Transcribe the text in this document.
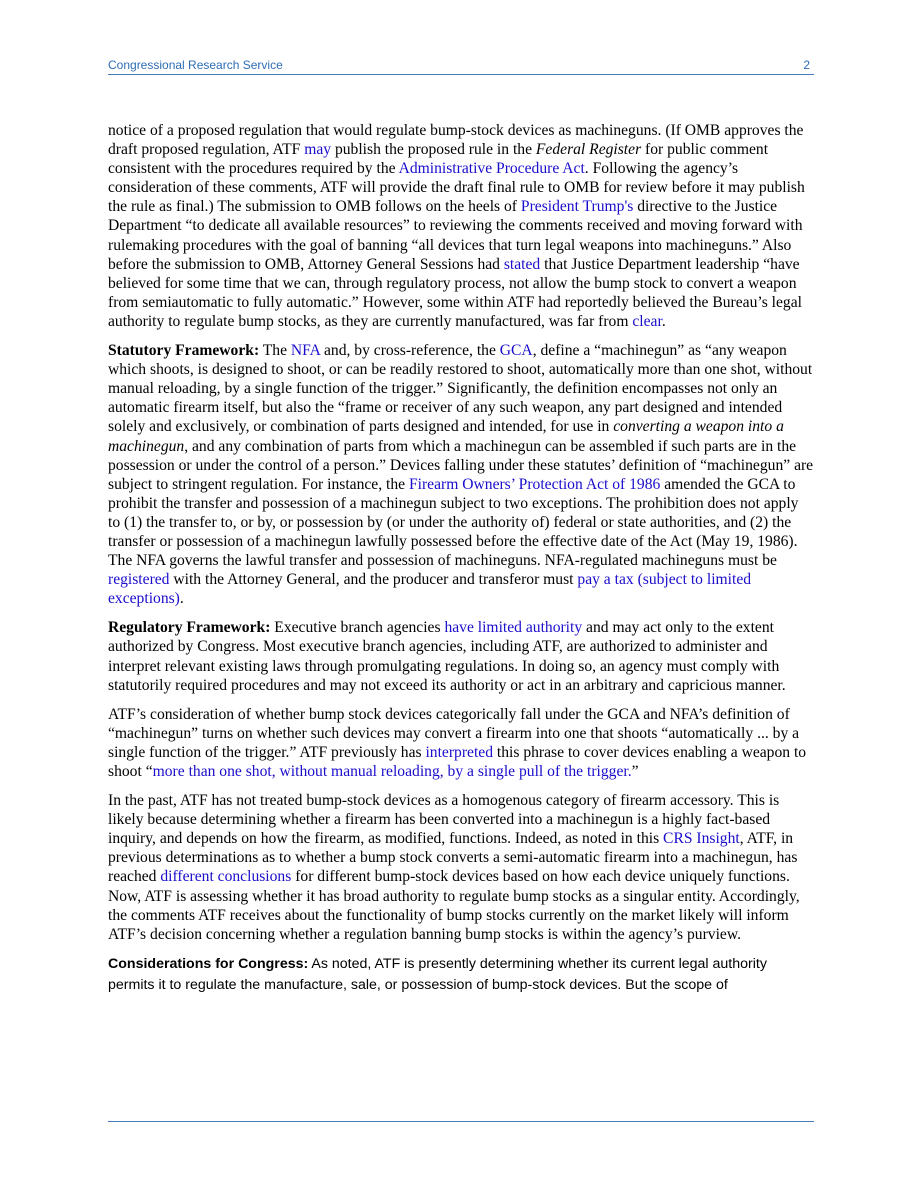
Congressional Research Service	2

notice of a proposed regulation that would regulate bump-stock devices as machineguns. (If OMB approves the draft proposed regulation, ATF may publish the proposed rule in the Federal Register for public comment consistent with the procedures required by the Administrative Procedure Act. Following the agency’s consideration of these comments, ATF will provide the draft final rule to OMB for review before it may publish the rule as final.) The submission to OMB follows on the heels of President Trump's directive to the Justice Department “to dedicate all available resources” to reviewing the comments received and moving forward with rulemaking procedures with the goal of banning “all devices that turn legal weapons into machineguns.” Also before the submission to OMB, Attorney General Sessions had stated that Justice Department leadership “have believed for some time that we can, through regulatory process, not allow the bump stock to convert a weapon from semiautomatic to fully automatic.” However, some within ATF had reportedly believed the Bureau’s legal authority to regulate bump stocks, as they are currently manufactured, was far from clear.

Statutory Framework: The NFA and, by cross-reference, the GCA, define a “machinegun” as “any weapon which shoots, is designed to shoot, or can be readily restored to shoot, automatically more than one shot, without manual reloading, by a single function of the trigger.” Significantly, the definition encompasses not only an automatic firearm itself, but also the “frame or receiver of any such weapon, any part designed and intended solely and exclusively, or combination of parts designed and intended, for use in converting a weapon into a machinegun, and any combination of parts from which a machinegun can be assembled if such parts are in the possession or under the control of a person.” Devices falling under these statutes’ definition of “machinegun” are subject to stringent regulation. For instance, the Firearm Owners’ Protection Act of 1986 amended the GCA to prohibit the transfer and possession of a machinegun subject to two exceptions. The prohibition does not apply to (1) the transfer to, or by, or possession by (or under the authority of) federal or state authorities, and (2) the transfer or possession of a machinegun lawfully possessed before the effective date of the Act (May 19, 1986). The NFA governs the lawful transfer and possession of machineguns. NFA-regulated machineguns must be registered with the Attorney General, and the producer and transferor must pay a tax (subject to limited exceptions).

Regulatory Framework: Executive branch agencies have limited authority and may act only to the extent authorized by Congress. Most executive branch agencies, including ATF, are authorized to administer and interpret relevant existing laws through promulgating regulations. In doing so, an agency must comply with statutorily required procedures and may not exceed its authority or act in an arbitrary and capricious manner.

ATF’s consideration of whether bump stock devices categorically fall under the GCA and NFA’s definition of “machinegun” turns on whether such devices may convert a firearm into one that shoots “automatically ... by a single function of the trigger.” ATF previously has interpreted this phrase to cover devices enabling a weapon to shoot “more than one shot, without manual reloading, by a single pull of the trigger.”

In the past, ATF has not treated bump-stock devices as a homogenous category of firearm accessory. This is likely because determining whether a firearm has been converted into a machinegun is a highly fact-based inquiry, and depends on how the firearm, as modified, functions. Indeed, as noted in this CRS Insight, ATF, in previous determinations as to whether a bump stock converts a semi-automatic firearm into a machinegun, has reached different conclusions for different bump-stock devices based on how each device uniquely functions. Now, ATF is assessing whether it has broad authority to regulate bump stocks as a singular entity. Accordingly, the comments ATF receives about the functionality of bump stocks currently on the market likely will inform ATF’s decision concerning whether a regulation banning bump stocks is within the agency’s purview.

Considerations for Congress: As noted, ATF is presently determining whether its current legal authority permits it to regulate the manufacture, sale, or possession of bump-stock devices. But the scope of
